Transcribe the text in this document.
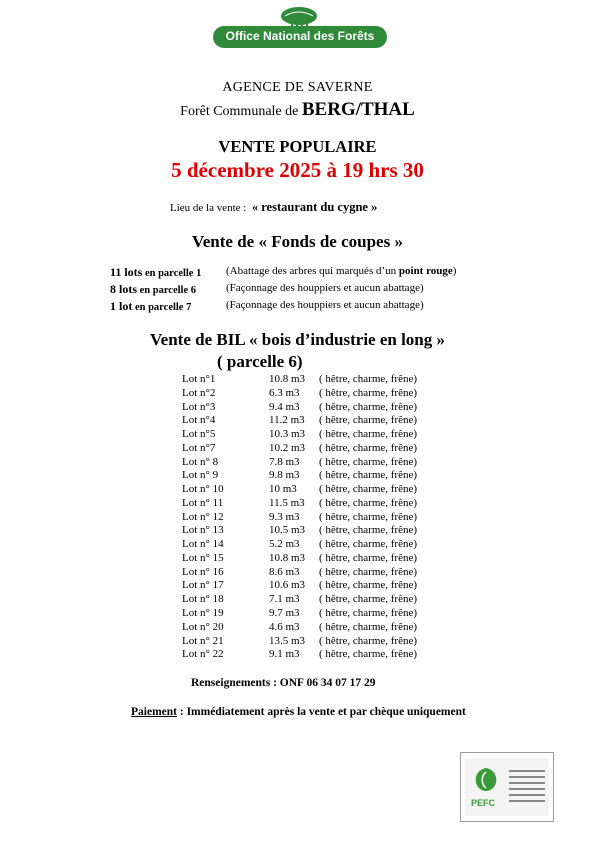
Office National des Forêts
AGENCE DE SAVERNE
Forêt Communale de BERG/THAL
VENTE POPULAIRE
5 décembre 2025 à 19 hrs 30
Lieu de la vente : « restaurant du cygne »
Vente de « Fonds de coupes »
11 lots en parcelle 1 (Abattage des arbres qui marqués d’un point rouge)
8 lots en parcelle 6	(Façonnage des houppiers et aucun abattage)
1 lot en parcelle 7	(Façonnage des houppiers et aucun abattage)
Vente de BIL « bois d’industrie en long »
( parcelle 6)
Lot n°1	10.8 m3 ( hêtre, charme, frêne)
Lot n°2	6.3 m3 ( hêtre, charme, frêne)
Lot n°3	9.4 m3 ( hêtre, charme, frêne)
Lot n°4	11.2 m3 ( hêtre, charme, frêne)
Lot n°5	10.3 m3 ( hêtre, charme, frêne)
Lot n°7	10.2 m3 ( hêtre, charme, frêne)
Lot n° 8	7.8 m3 ( hêtre, charme, frêne)
Lot n° 9	9.8 m3 ( hêtre, charme, frêne)
Lot n° 10	10 m3 ( hêtre, charme, frêne)
Lot n° 11	11.5 m3 ( hêtre, charme, frêne)
Lot n° 12	9.3 m3 ( hêtre, charme, frêne)
Lot n° 13	10.5 m3 ( hêtre, charme, frêne)
Lot n° 14	5.2 m3 ( hêtre, charme, frêne)
Lot n° 15	10.8 m3 ( hêtre, charme, frêne)
Lot n° 16	8.6 m3 ( hêtre, charme, frêne)
Lot n° 17	10.6 m3 ( hêtre, charme, frêne)
Lot n° 18	7.1 m3 ( hêtre, charme, frêne)
Lot n° 19	9.7 m3 ( hêtre, charme, frêne)
Lot n° 20	4.6 m3 ( hêtre, charme, frêne)
Lot n° 21	13.5 m3 ( hêtre, charme, frêne)
Lot n° 22	9.1 m3 ( hêtre, charme, frêne)
Renseignements : ONF 06 34 07 17 29
Paiement : Immédiatement après la vente et par chèque uniquement
PEFC
